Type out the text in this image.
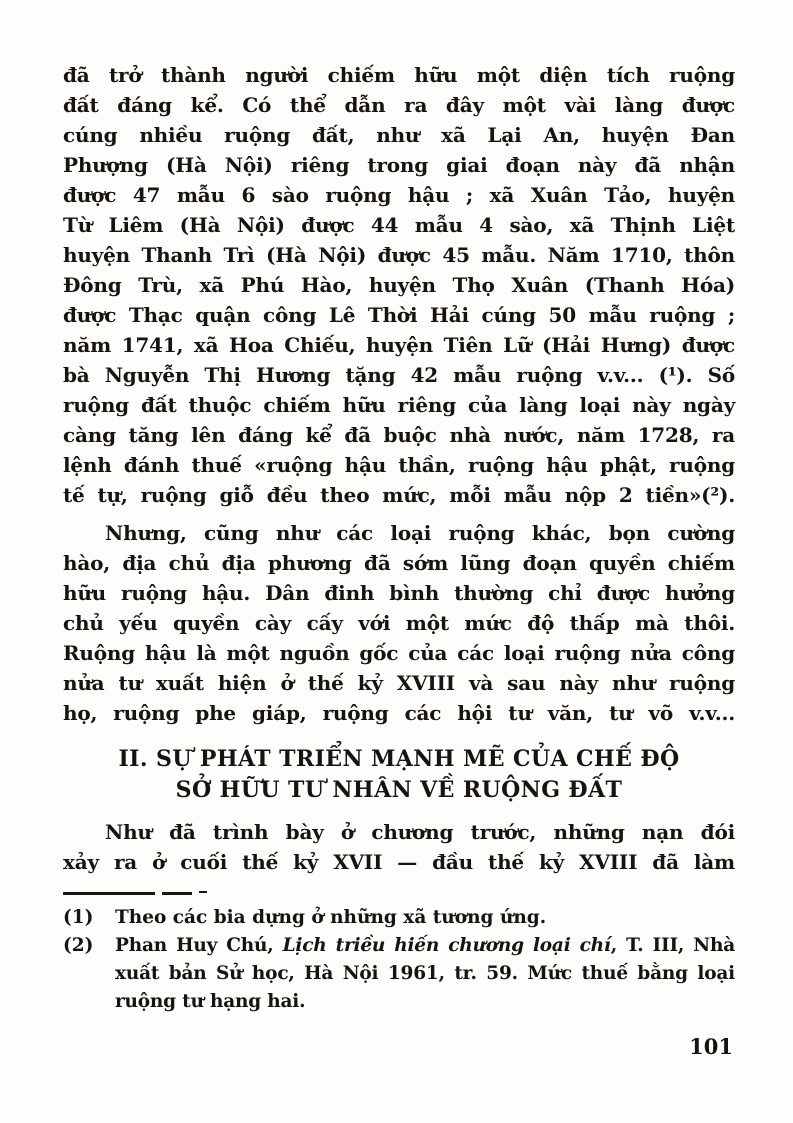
đã trở thành người chiếm hữu một diện tích ruộng
đất đáng kể. Có thể dẫn ra đây một vài làng được
cúng nhiều ruộng đất, như xã Lại An, huyện Đan
Phượng (Hà Nội) riêng trong giai đoạn này đã nhận
được 47 mẫu 6 sào ruộng hậu ; xã Xuân Tảo, huyện
Từ Liêm (Hà Nội) được 44 mẫu 4 sào, xã Thịnh Liệt
huyện Thanh Trì (Hà Nội) được 45 mẫu. Năm 1710, thôn
Đông Trù, xã Phú Hào, huyện Thọ Xuân (Thanh Hóa)
được Thạc quận công Lê Thời Hải cúng 50 mẫu ruộng ;
năm 1741, xã Hoa Chiếu, huyện Tiên Lữ (Hải Hưng) được
bà Nguyễn Thị Hương tặng 42 mẫu ruộng v.v... (¹). Số
ruộng đất thuộc chiếm hữu riêng của làng loại này ngày
càng tăng lên đáng kể đã buộc nhà nước, năm 1728, ra
lệnh đánh thuế «ruộng hậu thần, ruộng hậu phật, ruộng
tế tự, ruộng giỗ đều theo mức, mỗi mẫu nộp 2 tiền»(²).
Nhưng, cũng như các loại ruộng khác, bọn cường
hào, địa chủ địa phương đã sớm lũng đoạn quyền chiếm
hữu ruộng hậu. Dân đinh bình thường chỉ được hưởng
chủ yếu quyền cày cấy với một mức độ thấp mà thôi.
Ruộng hậu là một nguồn gốc của các loại ruộng nửa công
nửa tư xuất hiện ở thế kỷ XVIII và sau này như ruộng
họ, ruộng phe giáp, ruộng các hội tư văn, tư võ v.v...
II. SỰ PHÁT TRIỂN MẠNH MẼ CỦA CHẾ ĐỘ
SỞ HỮU TƯ NHÂN VỀ RUỘNG ĐẤT
Như đã trình bày ở chương trước, những nạn đói
xảy ra ở cuối thế kỷ XVII — đầu thế kỷ XVIII đã làm
(1)	Theo các bia dựng ở những xã tương ứng.
(2)	Phan Huy Chú, Lịch triều hiến chương loại chí, T. III, Nhà
xuất bản Sử học, Hà Nội 1961, tr. 59. Mức thuế bằng loại
ruộng tư hạng hai.
101
